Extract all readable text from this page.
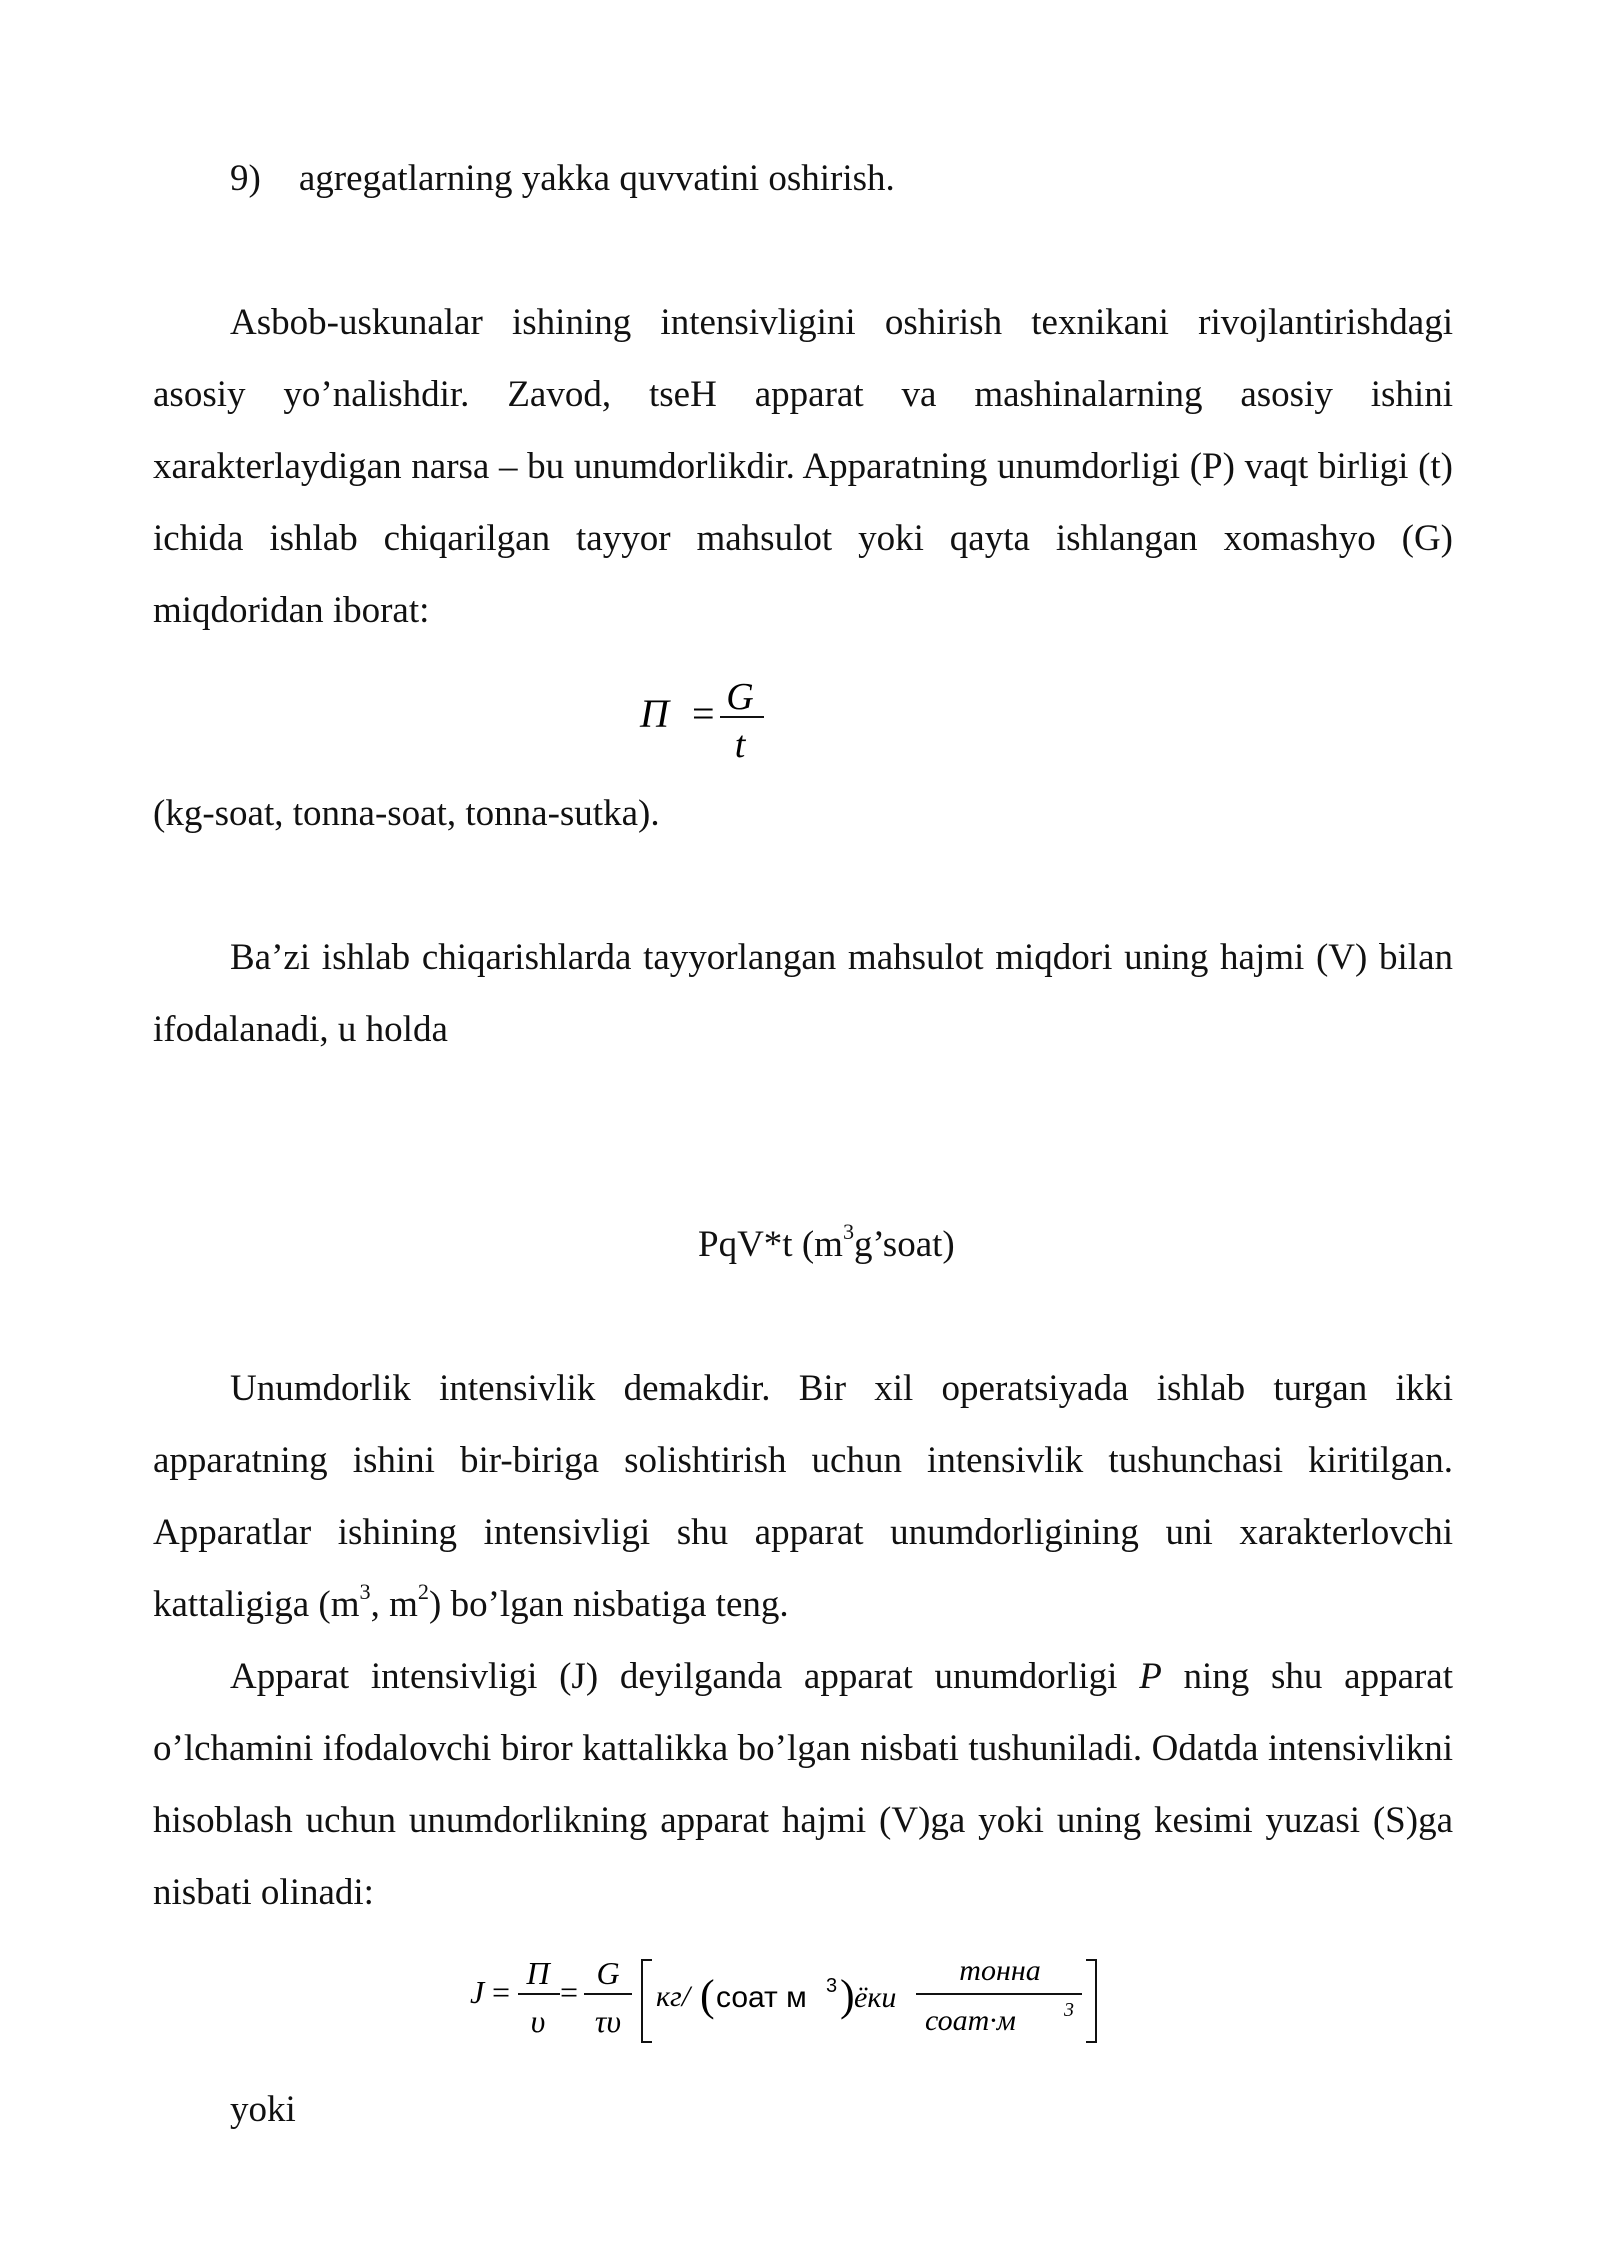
9) agregatlarning yakka quvvatini oshirish.
Asbob-uskunalar ishining intensivligini oshirish texnikani rivojlantirishdagi asosiy yo’nalishdir. Zavod, tseH apparat va mashinalarning asosiy ishini xarakterlaydigan narsa – bu unumdorlikdir. Apparatning unumdorligi (P) vaqt birligi (t) ichida ishlab chiqarilgan tayyor mahsulot yoki qayta ishlangan xomashyo (G) miqdoridan iborat:
П = G
t
(kg-soat, tonna-soat, tonna-sutka).
Ba’zi ishlab chiqarishlarda tayyorlangan mahsulot miqdori uning hajmi (V) bilan ifodalanadi, u holda
PqV*t $(m^3g’soat)$
Unumdorlik intensivlik demakdir. Bir xil operatsiyada ishlab turgan ikki apparatning ishini bir-biriga solishtirish uchun intensivlik tushunchasi kiritilgan. Apparatlar ishining intensivligi shu apparat unumdorligining uni xarakterlovchi kattaligiga ($m^3$, $m^2$) bo’lgan nisbatiga teng.
Apparat intensivligi (J) deyilganda apparat unumdorligi P ning shu apparat o’lchamini ifodalovchi biror kattalikka bo’lgan nisbati tushuniladi. Odatda intensivlikni hisoblash uchun unumdorlikning apparat hajmi (V)ga yoki uning kesimi yuzasi (S)ga nisbati olinadi:
J =
П
υ
=
G
τυ
кг/ ( соат м 3 ) ёки
тонна
соат·м 3
yoki
